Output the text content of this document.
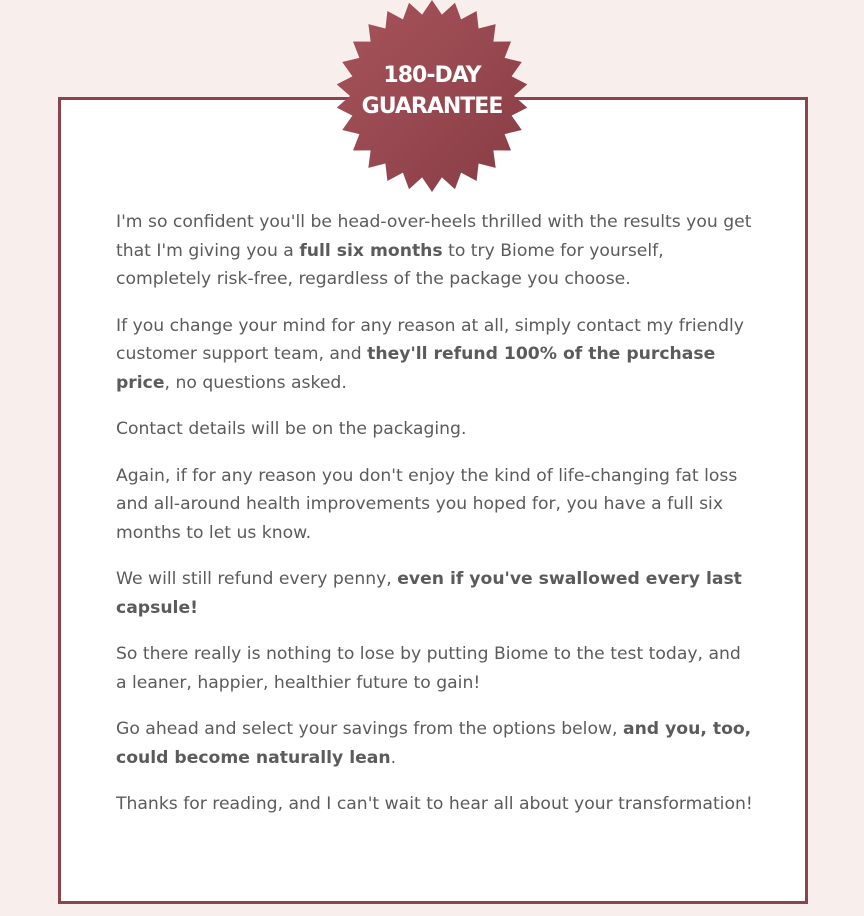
180-DAY
GUARANTEE

I'm so confident you'll be head-over-heels thrilled with the results you get that I'm giving you a full six months to try Biome for yourself, completely risk-free, regardless of the package you choose.

If you change your mind for any reason at all, simply contact my friendly customer support team, and they'll refund 100% of the purchase price, no questions asked.

Contact details will be on the packaging.

Again, if for any reason you don't enjoy the kind of life-changing fat loss and all-around health improvements you hoped for, you have a full six months to let us know.

We will still refund every penny, even if you've swallowed every last capsule!

So there really is nothing to lose by putting Biome to the test today, and a leaner, happier, healthier future to gain!

Go ahead and select your savings from the options below, and you, too, could become naturally lean.

Thanks for reading, and I can't wait to hear all about your transformation!
